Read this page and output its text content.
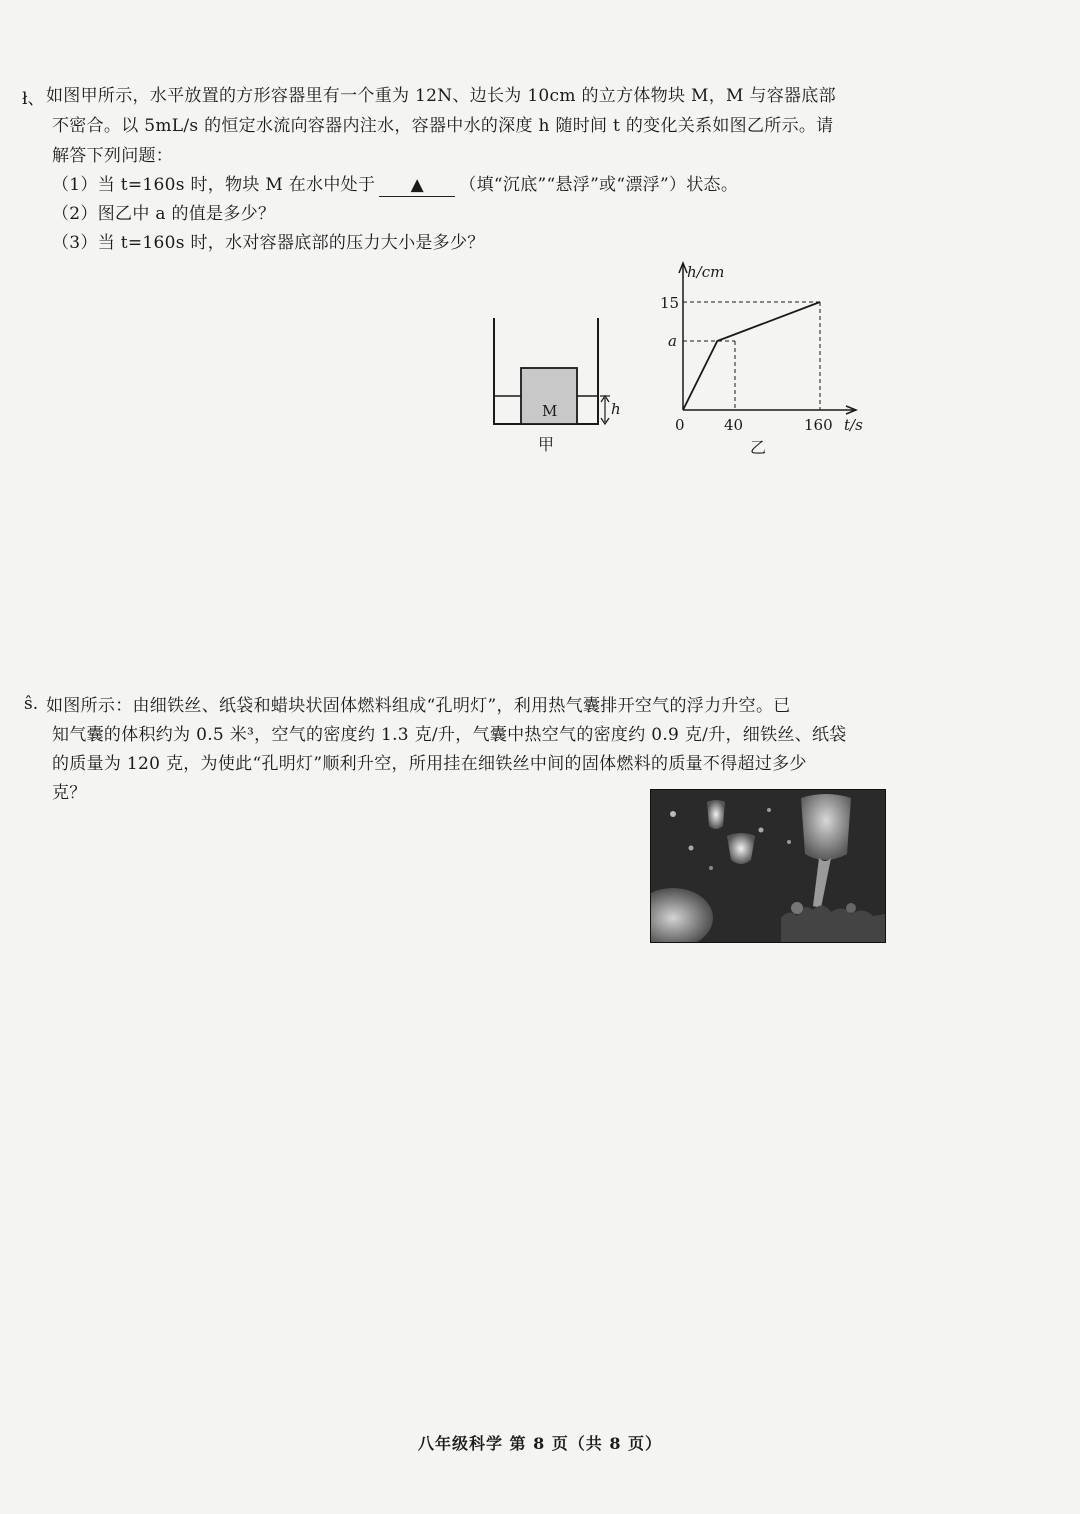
ł、 如图甲所示，水平放置的方形容器里有一个重为 12N、边长为 10cm 的立方体物块 M，M 与容器底部
不密合。以 5mL/s 的恒定水流向容器内注水，容器中水的深度 h 随时间 t 的变化关系如图乙所示。请
解答下列问题：
（1）当 t=160s 时，物块 M 在水中处于 ▲ （填“沉底”“悬浮”或“漂浮”）状态。
（2）图乙中 a 的值是多少？
（3）当 t=160s 时，水对容器底部的压力大小是多少？
M	h
甲
h/cm
t/s
0
15
a
40	160
乙
ŝ. 如图所示：由细铁丝、纸袋和蜡块状固体燃料组成“孔明灯”，利用热气囊排开空气的浮力升空。已
知气囊的体积约为 0.5 米³，空气的密度约 1.3 克/升，气囊中热空气的密度约 0.9 克/升，细铁丝、纸袋
的质量为 120 克，为使此“孔明灯”顺利升空，所用挂在细铁丝中间的固体燃料的质量不得超过多少
克？
八年级科学 第 8 页（共 8 页）
